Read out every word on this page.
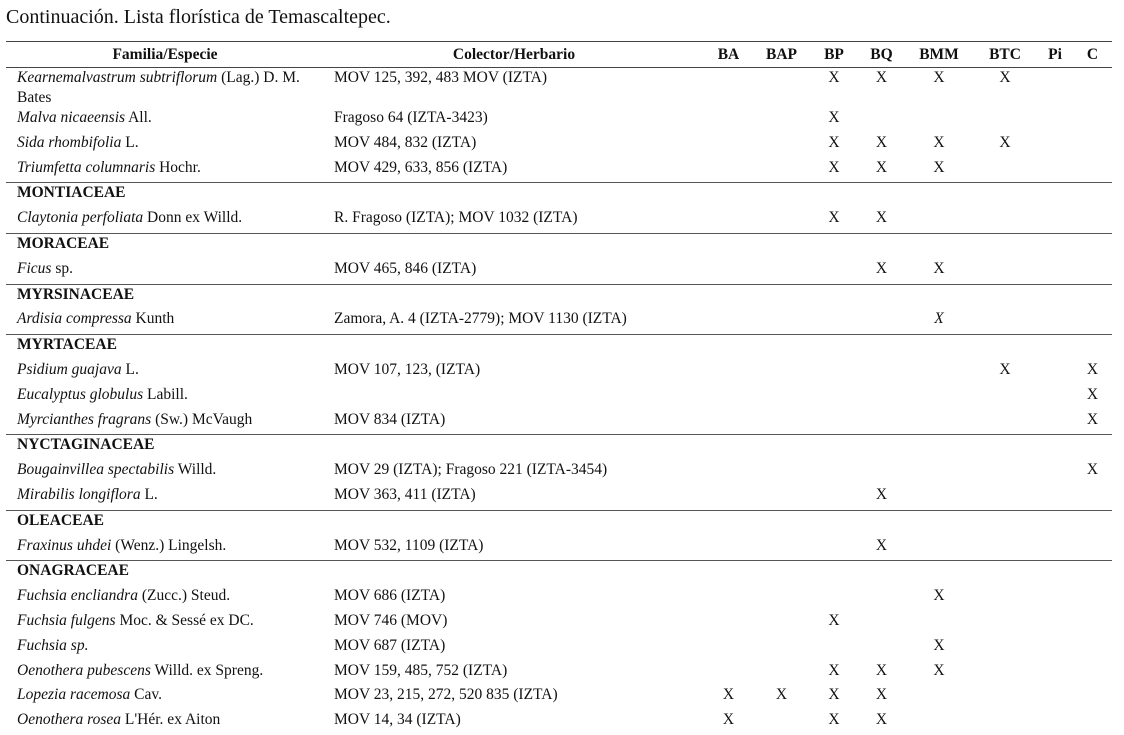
Continuación. Lista florística de Temascaltepec.
Familia/Especie	Colector/Herbario	BA	BAP	BP	BQ	BMM	BTC	Pi	C
Kearnemalvastrum subtriflorum (Lag.) D. M. Bates	MOV 125, 392, 483 MOV (IZTA)			X	X	X	X		
Malva nicaeensis All.	Fragoso 64 (IZTA-3423)			X					
Sida rhombifolia L.	MOV 484, 832 (IZTA)			X	X	X	X		
Triumfetta columnaris Hochr.	MOV 429, 633, 856 (IZTA)			X	X	X			
MONTIACEAE									
Claytonia perfoliata Donn ex Willd.	R. Fragoso (IZTA); MOV 1032 (IZTA)			X	X				
MORACEAE									
Ficus sp.	MOV 465, 846 (IZTA)				X	X			
MYRSINACEAE									
Ardisia compressa Kunth	Zamora, A. 4 (IZTA-2779); MOV 1130 (IZTA)					X			
MYRTACEAE									
Psidium guajava L.	MOV 107, 123, (IZTA)						X		X
Eucalyptus globulus Labill.									X
Myrcianthes fragrans (Sw.) McVaugh	MOV 834 (IZTA)								X
NYCTAGINACEAE									
Bougainvillea spectabilis Willd.	MOV 29 (IZTA); Fragoso 221 (IZTA-3454)								X
Mirabilis longiflora L.	MOV 363, 411 (IZTA)				X				
OLEACEAE									
Fraxinus uhdei (Wenz.) Lingelsh.	MOV 532, 1109 (IZTA)				X				
ONAGRACEAE									
Fuchsia encliandra (Zucc.) Steud.	MOV 686 (IZTA)					X			
Fuchsia fulgens Moc. & Sessé ex DC.	MOV 746 (MOV)			X					
Fuchsia sp.	MOV 687 (IZTA)					X			
Oenothera pubescens Willd. ex Spreng.	MOV 159, 485, 752 (IZTA)			X	X	X			
Lopezia racemosa Cav.	MOV 23, 215, 272, 520 835 (IZTA)	X	X	X	X				
Oenothera rosea L'Hér. ex Aiton	MOV 14, 34 (IZTA)	X		X	X				
